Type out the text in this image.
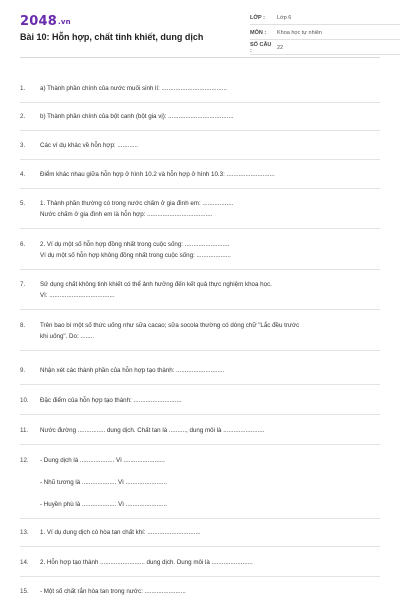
2048.vn
Bài 10: Hỗn hợp, chất tinh khiết, dung dịch
LỚP :	Lớp 6
MÔN :	Khoa học tự nhiên
SỐ CÂU :	22
1.	a) Thành phần chính của nước muối sinh lí: ......................................
2.	b) Thành phần chính của bột canh (bột gia vị): ......................................
3.	Các ví dụ khác về hỗn hợp: ............
4.	Điểm khác nhau giữa hỗn hợp ở hình 10.2 và hỗn hợp ở hình 10.3: ............................
5.	1. Thành phần thường có trong nước chấm ở gia đình em: ..................
Nước chấm ở gia đình em là hỗn hợp: ......................................
6.	2. Ví dụ một số hỗn hợp đồng nhất trong cuộc sống: ..........................
Ví dụ một số hỗn hợp không đồng nhất trong cuộc sống: ....................
7.	Sử dụng chất không tinh khiết có thể ảnh hưởng đến kết quả thực nghiệm khoa học.
Vì: ......................................
8.	Trên bao bì một số thức uống như sữa cacao; sữa socola thường có dòng chữ "Lắc đều trước
khi uống". Do: ........
9.	Nhận xét các thành phần của hỗn hợp tạo thành: ............................
10.	Đặc điểm của hỗn hợp tạo thành: ............................
11.	Nước đường ................ dung dịch. Chất tan là .........., dung môi là ........................
12.	- Dung dịch là .................... Vì ........................
- Nhũ tương là .................... Vì ........................
- Huyền phù là .................... Vì ........................
13.	1. Ví dụ dung dịch có hòa tan chất khí: ...............................
14.	2. Hỗn hợp tạo thành .......................... dung dịch. Dung môi là ........................
15.	- Một số chất rắn hòa tan trong nước: ........................
